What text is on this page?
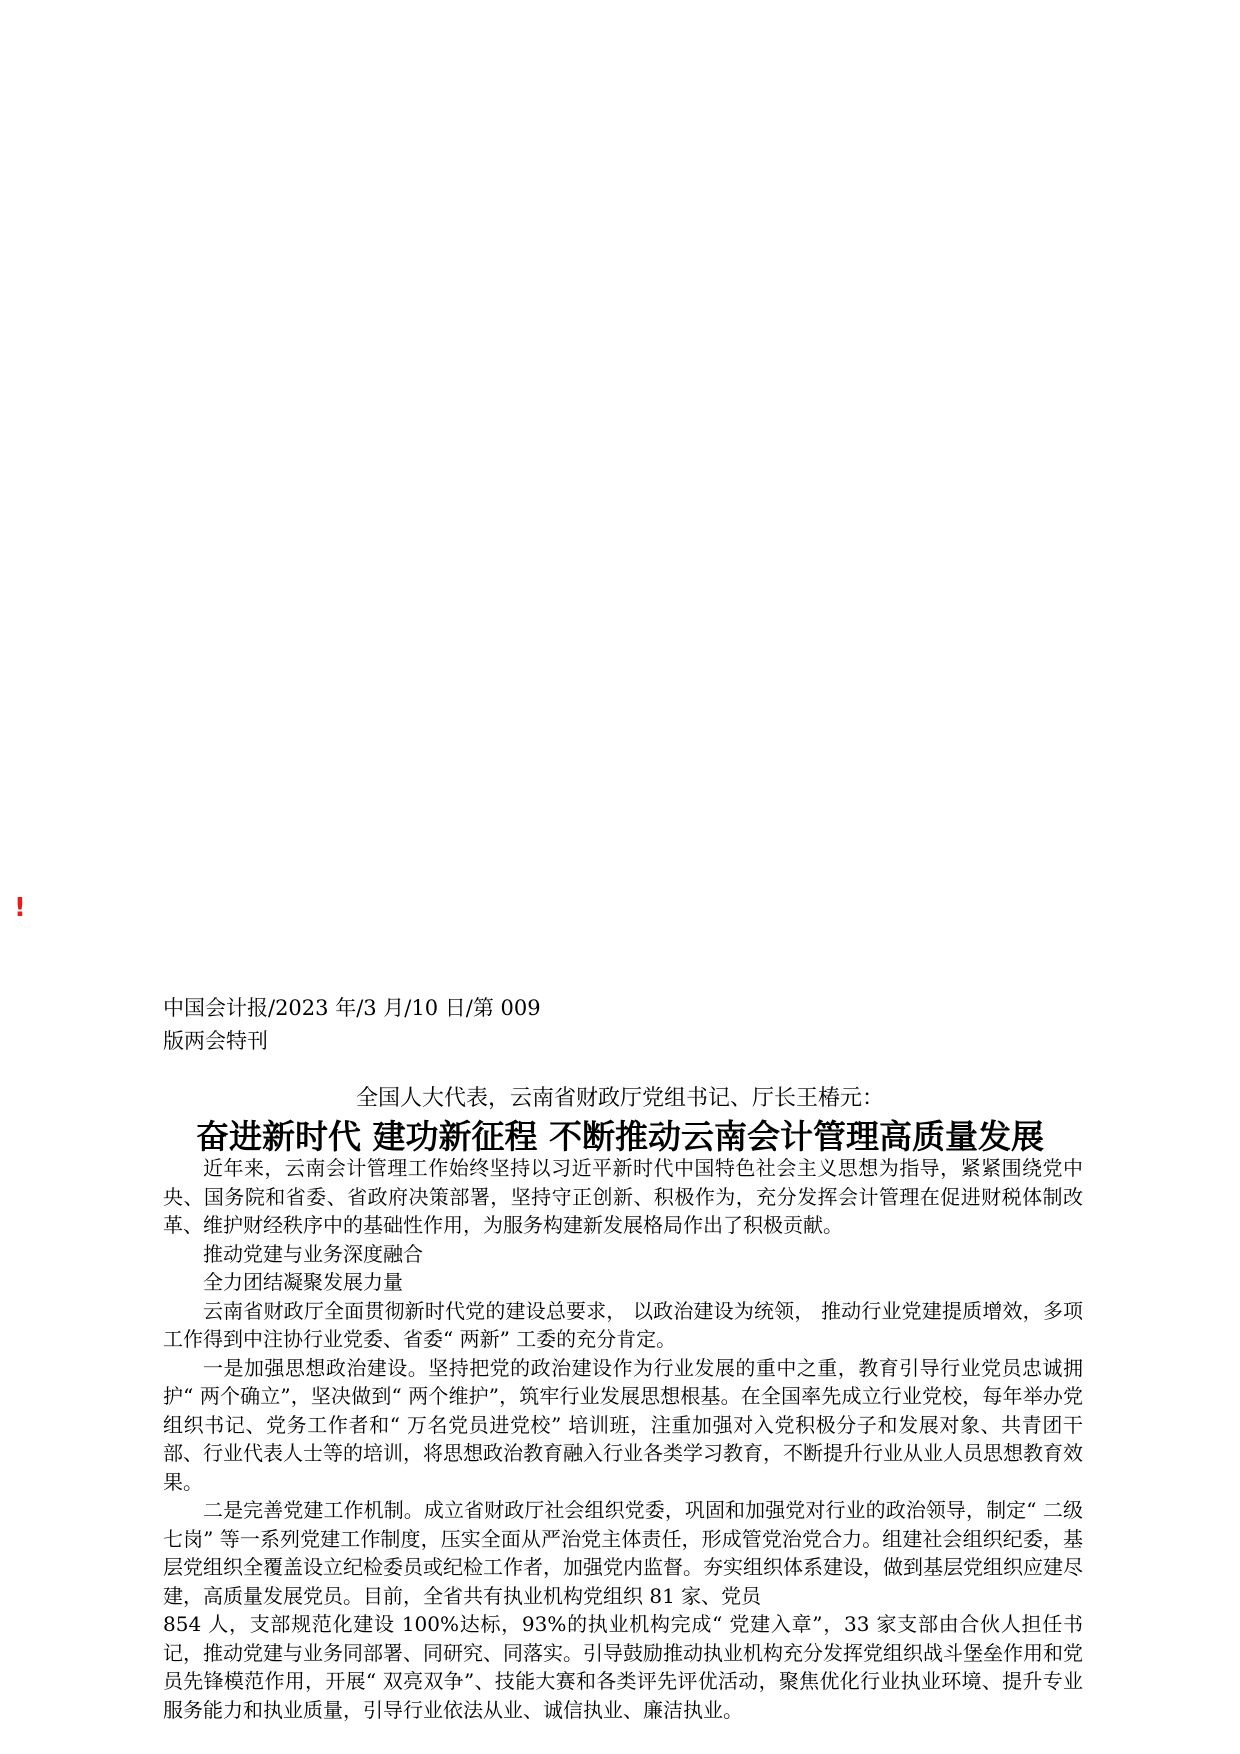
!
中国会计报/2023 年/3 月/10 日/第 009
版两会特刊
全国人大代表，云南省财政厅党组书记、厅长王椿元：
奋进新时代 建功新征程 不断推动云南会计管理高质量发展

近年来，云南会计管理工作始终坚持以习近平新时代中国特色社会主义思想为指导，紧紧围绕党中央、国务院和省委、省政府决策部署，坚持守正创新、积极作为，充分发挥会计管理在促进财税体制改革、维护财经秩序中的基础性作用，为服务构建新发展格局作出了积极贡献。

推动党建与业务深度融合

全力团结凝聚发展力量

云南省财政厅全面贯彻新时代党的建设总要求， 以政治建设为统领， 推动行业党建提质增效，多项工作得到中注协行业党委、省委“ 两新” 工委的充分肯定。

一是加强思想政治建设。坚持把党的政治建设作为行业发展的重中之重，教育引导行业党员忠诚拥护“ 两个确立”，坚决做到“ 两个维护”，筑牢行业发展思想根基。在全国率先成立行业党校，每年举办党组织书记、党务工作者和“ 万名党员进党校” 培训班，注重加强对入党积极分子和发展对象、共青团干部、行业代表人士等的培训，将思想政治教育融入行业各类学习教育，不断提升行业从业人员思想教育效果。

二是完善党建工作机制。成立省财政厅社会组织党委，巩固和加强党对行业的政治领导，制定“ 二级七岗” 等一系列党建工作制度，压实全面从严治党主体责任，形成管党治党合力。组建社会组织纪委，基层党组织全覆盖设立纪检委员或纪检工作者，加强党内监督。夯实组织体系建设，做到基层党组织应建尽建，高质量发展党员。目前，全省共有执业机构党组织 81 家、党员

854 人，支部规范化建设 100%达标，93%的执业机构完成“ 党建入章”，33 家支部由合伙人担任书记，推动党建与业务同部署、同研究、同落实。引导鼓励推动执业机构充分发挥党组织战斗堡垒作用和党员先锋模范作用，开展“ 双亮双争”、技能大赛和各类评先评优活动，聚焦优化行业执业环境、提升专业服务能力和执业质量，引导行业依法从业、诚信执业、廉洁执业。
